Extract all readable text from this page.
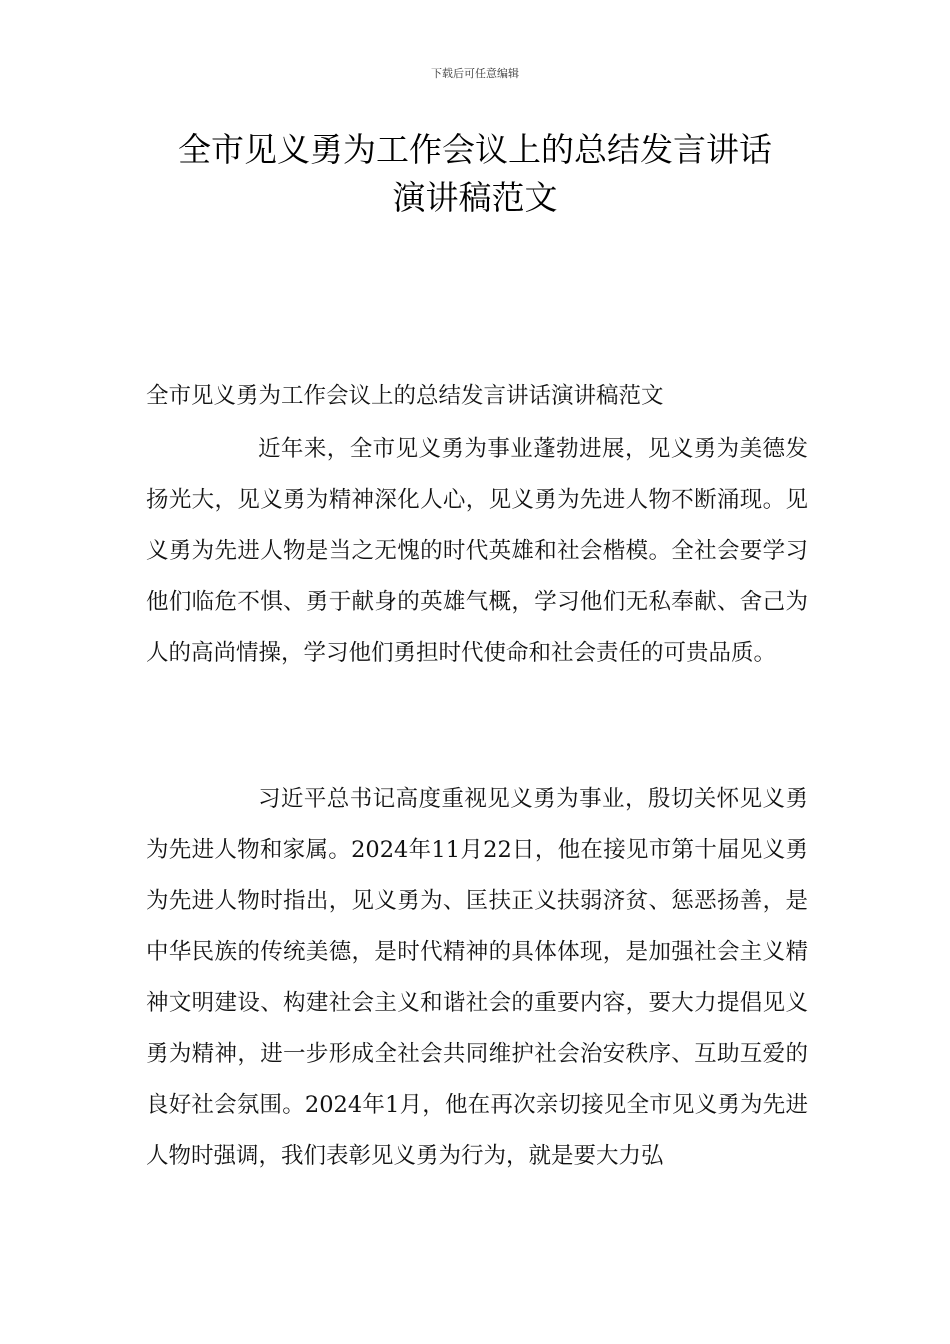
下载后可任意编辑
全市见义勇为工作会议上的总结发言讲话
演讲稿范文

全市见义勇为工作会议上的总结发言讲话演讲稿范文

近年来，全市见义勇为事业蓬勃进展，见义勇为美德发扬光大，见义勇为精神深化人心，见义勇为先进人物不断涌现。见义勇为先进人物是当之无愧的时代英雄和社会楷模。全社会要学习他们临危不惧、勇于献身的英雄气概，学习他们无私奉献、舍己为人的高尚情操，学习他们勇担时代使命和社会责任的可贵品质。

习近平总书记高度重视见义勇为事业，殷切关怀见义勇为先进人物和家属。2024年11月22日，他在接见市第十届见义勇为先进人物时指出，见义勇为、匡扶正义扶弱济贫、惩恶扬善，是中华民族的传统美德，是时代精神的具体体现，是加强社会主义精神文明建设、构建社会主义和谐社会的重要内容，要大力提倡见义勇为精神，进一步形成全社会共同维护社会治安秩序、互助互爱的良好社会氛围。2024年1月，他在再次亲切接见全市见义勇为先进人物时强调，我们表彰见义勇为行为，就是要大力弘
